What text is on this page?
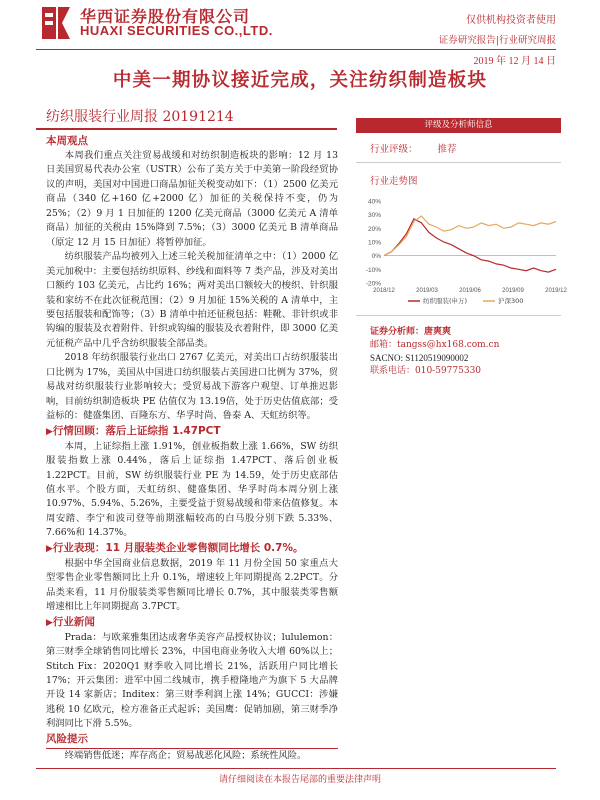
华西证券股份有限公司
HUAXI SECURITIES CO.,LTD.
仅供机构投资者使用
证券研究报告|行业研究周报
2019 年 12 月 14 日
中美一期协议接近完成，关注纺织制造板块
纺织服装行业周报 20191214
本周观点

本周我们重点关注贸易战缓和对纺织制造板块的影响：12 月 13 日美国贸易代表办公室（USTR）公布了美方关于中美第一阶段经贸协议的声明，美国对中国进口商品加征关税变动如下：（1）2500 亿美元商品（340 亿+160 亿+2000 亿）加征的关税保持不变，仍为 25%；（2）9 月 1 日加征的 1200 亿美元商品（3000 亿美元 A 清单商品）加征的关税由 15%降到 7.5%；（3）3000 亿美元 B 清单商品（原定 12 月 15 日加征）将暂停加征。

纺织服装产品均被列入上述三轮关税加征清单之中：（1）2000 亿美元加税中：主要包括纺织原料、纱线和面料等 7 类产品，涉及对美出口额约 103 亿美元，占比约 16%；两对美出口额较大的梭织、针织服装和家纺不在此次征税范围；（2）9 月加征 15%关税的 A 清单中，主要包括服装和配饰等；（3）B 清单中拍还征税包括：鞋靴、非针织或非钩编的服装及衣着附件、针织或钩编的服装及衣着附件，即 3000 亿美元征税产品中几乎含纺织服装全部品类。

2018 年纺织服装行业出口 2767 亿美元，对美出口占纺织服装出口比例为 17%，美国从中国进口纺织服装占美国进口比例为 37%，贸易战对纺织服装行业影响较大；受贸易战下游客户观望、订单推迟影响，目前纺织制造板块 PE 估值仅为 13.19倍，处于历史估值底部；受益标的：健盛集团、百隆东方、华孚时尚、鲁泰 A、天虹纺织等。

▶行情回顾：落后上证综指 1.47PCT

本周，上证综指上涨 1.91%，创业板指数上涨 1.66%，SW 纺织服装指数上涨 0.44%，落后上证综指 1.47PCT、落后创业板 1.22PCT。目前，SW 纺织服装行业 PE 为 14.59，处于历史底部估值水平。个股方面，天虹纺织、健盛集团、华孚时尚本周分别上涨 10.97%、5.94%、5.26%，主要受益于贸易战缓和带来估值修复。本周安踏、李宁和波司登等前期涨幅较高的白马股分别下跌 5.33%、7.66%和 14.37%。

▶行业表现：11 月服装类企业零售额同比增长 0.7%。

根据中华全国商业信息数据，2019 年 11 月份全国 50 家重点大型零售企业零售额同比上升 0.1%，增速较上年同期提高 2.2PCT。分品类来看，11 月份服装类零售额同比增长 0.7%，其中服装类零售额增速相比上年同期提高 3.7PCT。

▶行业新闻

Prada：与欧莱雅集团达成奢华美容产品授权协议；lululemon：第三财季全球销售同比增长 23%，中国电商业务收入大增 60%以上；Stitch Fix：2020Q1 财季收入同比增长 21%，活跃用户同比增长 17%；开云集团：进军中国二线城市，携手橙隆地产为旗下 5 大品牌开设 14 家新店；Inditex：第三财季利润上涨 14%；GUCCI：涉嫌逃税 10 亿欧元，检方准备正式起诉；美国鹰：促销加剧，第三财季净利润同比下滑 5.5%。

风险提示

终端销售低迷；库存高企；贸易战恶化风险；系统性风险。

评级及分析师信息
行业评级： 推荐
行业走势图
40%
30%
20%
10%
0%
-10%
-20%
2018/12	2019/03	2019/06	2019/09	2019/12
纺织服装(申万)	沪深300
证券分析师：唐爽爽
邮箱：tangss@hx168.com.cn
SACNO: S1120519090002
联系电话：010-59775330
请仔细阅读在本报告尾部的重要法律声明
